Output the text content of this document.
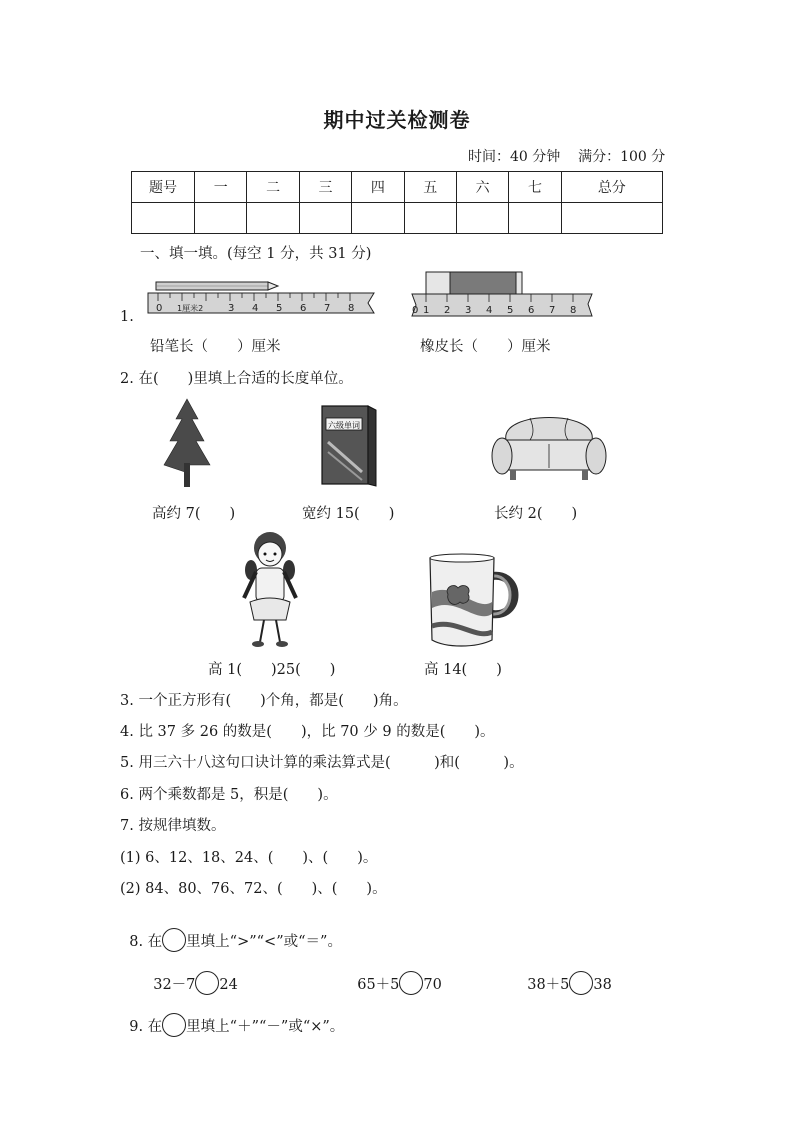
期中过关检测卷
时间：40 分钟    满分：100 分
题号	一	二	三	四	五	六	七	总分

一、填一填。(每空 1 分，共 31 分)
1.
0 1厘米2 3 4 5 6 7 8	0 1 2 3 4 5 6 7 8
铅笔长（　　）厘米	橡皮长（　　）厘米
2. 在(　　)里填上合适的长度单位。
六级单词
高约 7(　　)	宽约 15(　　)	长约 2(　　)
高 1(　　)25(　　)	高 14(　　)
3. 一个正方形有(　　)个角，都是(　　)角。
4. 比 37 多 26 的数是(　　)，比 70 少 9 的数是(　　)。
5. 用三六十八这句口诀计算的乘法算式是(　　　)和(　　　)。
6. 两个乘数都是 5，积是(　　)。
7. 按规律填数。
(1) 6、12、18、24、(　　)、(　　)。
(2) 84、80、76、72、(　　)、(　　)。

8. 在 里填上“>”“<”或“＝”。

32－7 24	65＋5 70	38＋5 38

9. 在 里填上“＋”“－”或“×”。
